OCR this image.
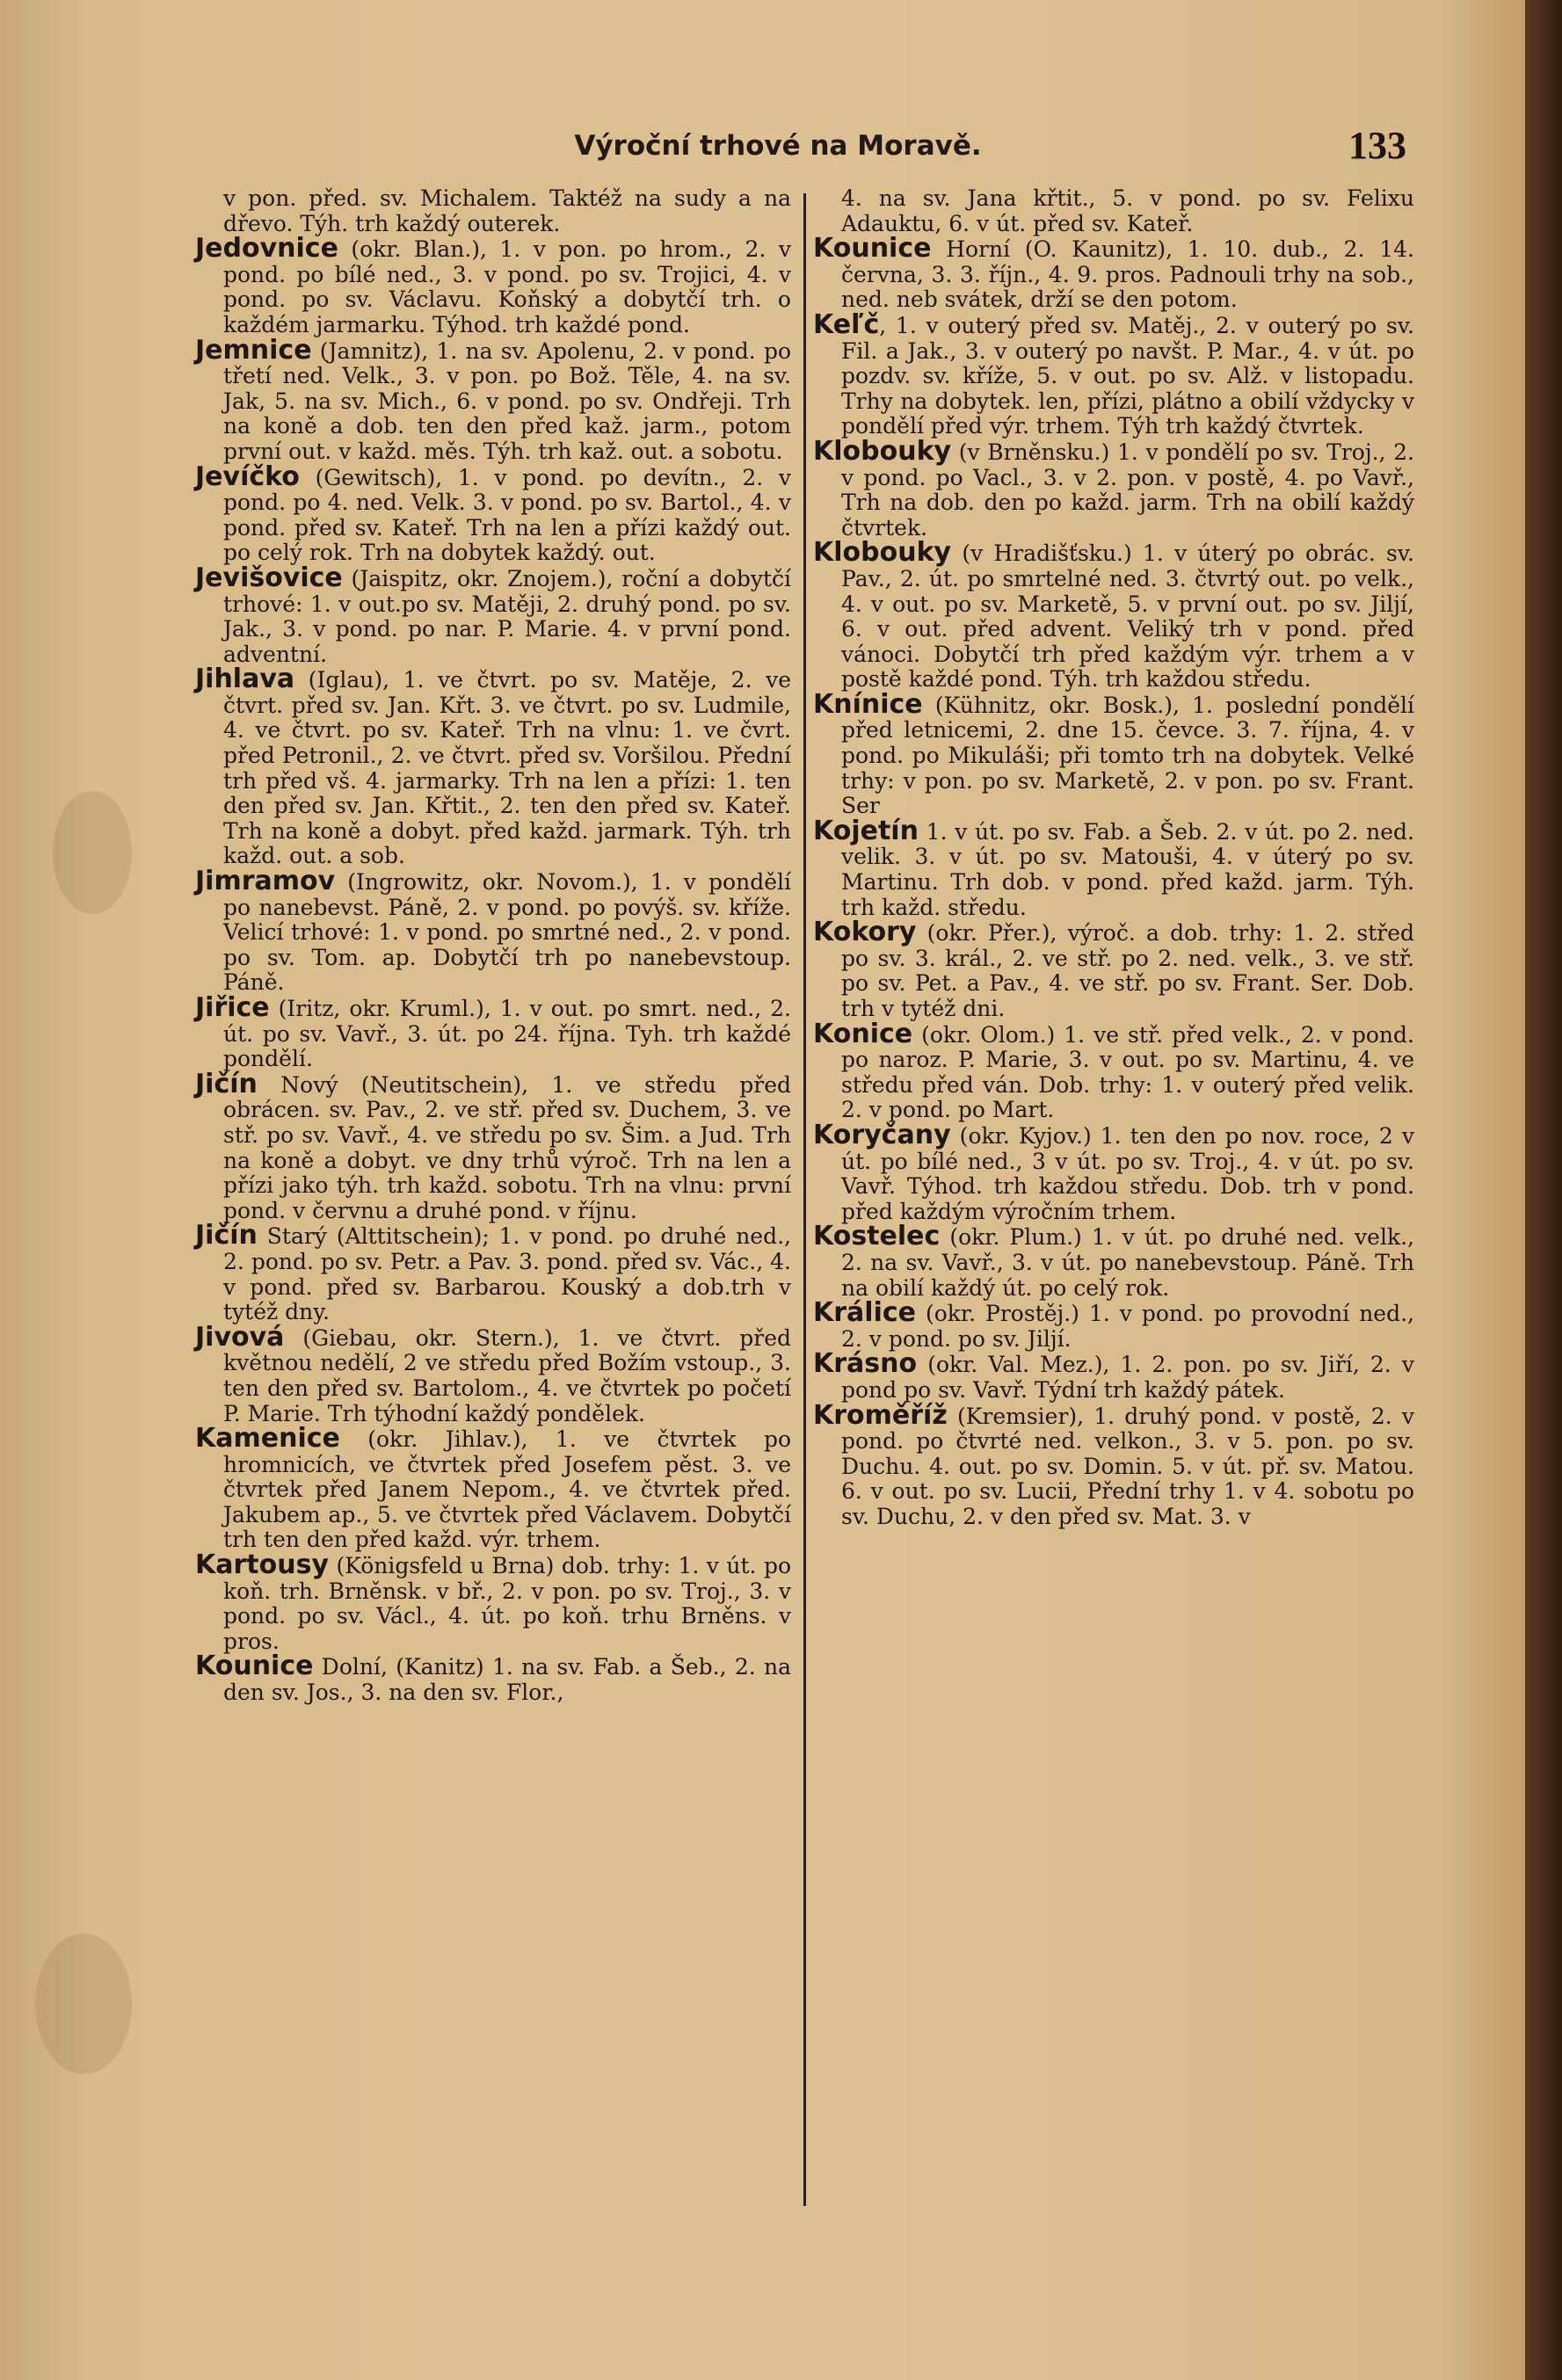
Výroční trhové na Moravě.	133

v pon. před. sv. Michalem. Taktéž na sudy a na dřevo. Týh. trh každý outerek.

Jedovnice (okr. Blan.), 1. v pon. po hrom., 2. v pond. po bílé ned., 3. v pond. po sv. Trojici, 4. v pond. po sv. Václavu. Koňský a dobytčí trh. o každém jarmarku. Týhod. trh každé pond.

Jemnice (Jamnitz), 1. na sv. Apolenu, 2. v pond. po třetí ned. Velk., 3. v pon. po Bož. Těle, 4. na sv. Jak, 5. na sv. Mich., 6. v pond. po sv. Ondřeji. Trh na koně a dob. ten den před kaž. jarm., potom první out. v každ. měs. Týh. trh kaž. out. a sobotu.

Jevíčko (Gewitsch), 1. v pond. po devítn., 2. v pond. po 4. ned. Velk. 3. v pond. po sv. Bartol., 4. v pond. před sv. Kateř. Trh na len a přízi každý out. po celý rok. Trh na dobytek každý. out.

Jevišovice (Jaispitz, okr. Znojem.), roční a dobytčí trhové: 1. v out.po sv. Matěji, 2. druhý pond. po sv. Jak., 3. v pond. po nar. P. Marie. 4. v první pond. adventní.

Jihlava (Iglau), 1. ve čtvrt. po sv. Matěje, 2. ve čtvrt. před sv. Jan. Křt. 3. ve čtvrt. po sv. Ludmile, 4. ve čtvrt. po sv. Kateř. Trh na vlnu: 1. ve čvrt. před Petronil., 2. ve čtvrt. před sv. Voršilou. Přední trh před vš. 4. jarmarky. Trh na len a přízi: 1. ten den před sv. Jan. Křtit., 2. ten den před sv. Kateř. Trh na koně a dobyt. před každ. jarmark. Týh. trh každ. out. a sob.

Jimramov (Ingrowitz, okr. Novom.), 1. v pondělí po nanebevst. Páně, 2. v pond. po povýš. sv. kříže. Velicí trhové: 1. v pond. po smrtné ned., 2. v pond. po sv. Tom. ap. Dobytčí trh po nanebevstoup. Páně.

Jiřice (Iritz, okr. Kruml.), 1. v out. po smrt. ned., 2. út. po sv. Vavř., 3. út. po 24. října. Tyh. trh každé pondělí.

Jičín Nový (Neutitschein), 1. ve středu před obrácen. sv. Pav., 2. ve stř. před sv. Duchem, 3. ve stř. po sv. Vavř., 4. ve středu po sv. Šim. a Jud. Trh na koně a dobyt. ve dny trhů výroč. Trh na len a přízi jako týh. trh každ. sobotu. Trh na vlnu: první pond. v červnu a druhé pond. v říjnu.

Jičín Starý (Alttitschein); 1. v pond. po druhé ned., 2. pond. po sv. Petr. a Pav. 3. pond. před sv. Vác., 4. v pond. před sv. Barbarou. Kouský a dob.trh v tytéž dny.

Jivová (Giebau, okr. Stern.), 1. ve čtvrt. před květnou nedělí, 2 ve středu před Božím vstoup., 3. ten den před sv. Bartolom., 4. ve čtvrtek po početí P. Marie. Trh týhodní každý pondělek.

Kamenice (okr. Jihlav.), 1. ve čtvrtek po hromnicích, ve čtvrtek před Josefem pěst. 3. ve čtvrtek před Janem Nepom., 4. ve čtvrtek před. Jakubem ap., 5. ve čtvrtek před Václavem. Dobytčí trh ten den před každ. výr. trhem.

Kartousy (Königsfeld u Brna) dob. trhy: 1. v út. po koň. trh. Brněnsk. v bř., 2. v pon. po sv. Troj., 3. v pond. po sv. Václ., 4. út. po koň. trhu Brněns. v pros.

Kounice Dolní, (Kanitz) 1. na sv. Fab. a Šeb., 2. na den sv. Jos., 3. na den sv. Flor.,

4. na sv. Jana křtit., 5. v pond. po sv. Felixu Adauktu, 6. v út. před sv. Kateř.

Kounice Horní (O. Kaunitz), 1. 10. dub., 2. 14. června, 3. 3. říjn., 4. 9. pros. Padnouli trhy na sob., ned. neb svátek, drží se den potom.

Keľč, 1. v outerý před sv. Matěj., 2. v outerý po sv. Fil. a Jak., 3. v outerý po navšt. P. Mar., 4. v út. po pozdv. sv. kříže, 5. v out. po sv. Alž. v listopadu. Trhy na dobytek. len, přízi, plátno a obilí vždycky v pondělí před výr. trhem. Týh trh každý čtvrtek.

Klobouky (v Brněnsku.) 1. v pondělí po sv. Troj., 2. v pond. po Vacl., 3. v 2. pon. v postě, 4. po Vavř., Trh na dob. den po každ. jarm. Trh na obilí každý čtvrtek.

Klobouky (v Hradišťsku.) 1. v úterý po obrác. sv. Pav., 2. út. po smrtelné ned. 3. čtvrtý out. po velk., 4. v out. po sv. Marketě, 5. v první out. po sv. Jiljí, 6. v out. před advent. Veliký trh v pond. před vánoci. Dobytčí trh před každým výr. trhem a v postě každé pond. Týh. trh každou středu.

Knínice (Kühnitz, okr. Bosk.), 1. poslední pondělí před letnicemi, 2. dne 15. čevce. 3. 7. října, 4. v pond. po Mikuláši; při tomto trh na dobytek. Velké trhy: v pon. po sv. Marketě, 2. v pon. po sv. Frant. Ser

Kojetín 1. v út. po sv. Fab. a Šeb. 2. v út. po 2. ned. velik. 3. v út. po sv. Matouši, 4. v úterý po sv. Martinu. Trh dob. v pond. před každ. jarm. Týh. trh každ. středu.

Kokory (okr. Přer.), výroč. a dob. trhy: 1. 2. střed po sv. 3. král., 2. ve stř. po 2. ned. velk., 3. ve stř. po sv. Pet. a Pav., 4. ve stř. po sv. Frant. Ser. Dob. trh v tytéž dni.

Konice (okr. Olom.) 1. ve stř. před velk., 2. v pond. po naroz. P. Marie, 3. v out. po sv. Martinu, 4. ve středu před ván. Dob. trhy: 1. v outerý před velik. 2. v pond. po Mart.

Koryčany (okr. Kyjov.) 1. ten den po nov. roce, 2 v út. po bílé ned., 3 v út. po sv. Troj., 4. v út. po sv. Vavř. Týhod. trh každou středu. Dob. trh v pond. před každým výročním trhem.

Kostelec (okr. Plum.) 1. v út. po druhé ned. velk., 2. na sv. Vavř., 3. v út. po nanebevstoup. Páně. Trh na obilí každý út. po celý rok.

Králice (okr. Prostěj.) 1. v pond. po provodní ned., 2. v pond. po sv. Jiljí.

Krásno (okr. Val. Mez.), 1. 2. pon. po sv. Jiří, 2. v pond po sv. Vavř. Týdní trh každý pátek.

Kroměříž (Kremsier), 1. druhý pond. v postě, 2. v pond. po čtvrté ned. velkon., 3. v 5. pon. po sv. Duchu. 4. out. po sv. Domin. 5. v út. př. sv. Matou. 6. v out. po sv. Lucii, Přední trhy 1. v 4. sobotu po sv. Duchu, 2. v den před sv. Mat. 3. v
